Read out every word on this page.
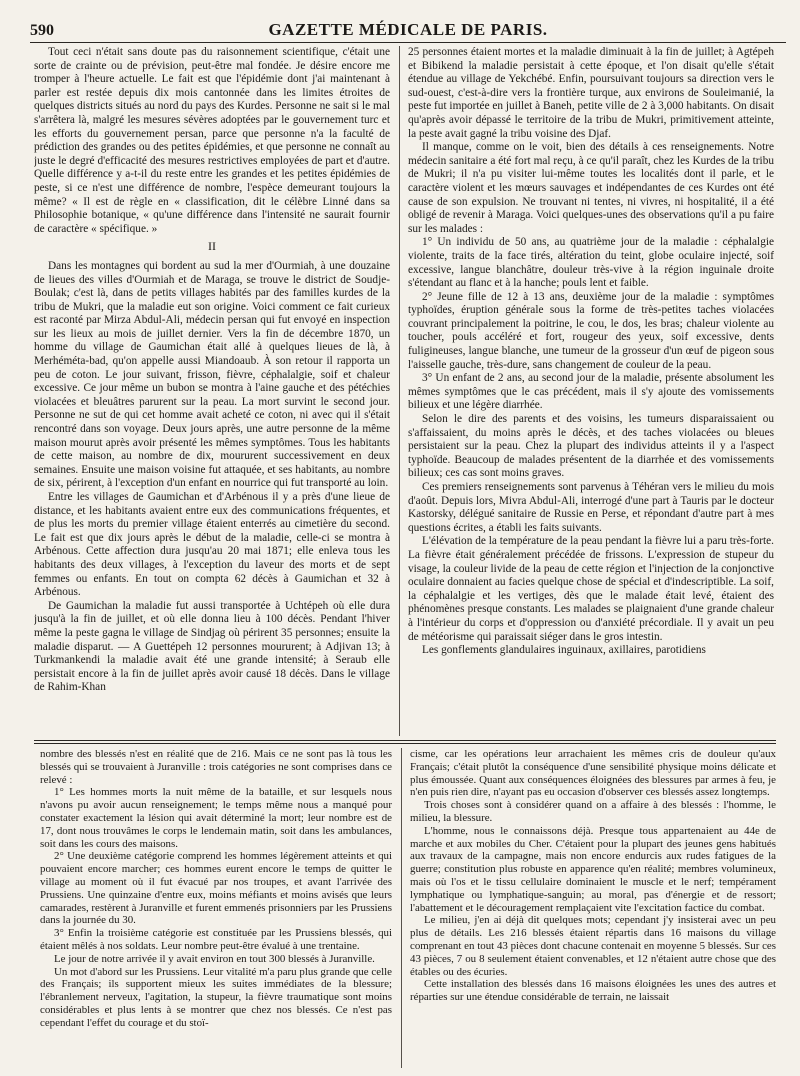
590	GAZETTE MÉDICALE DE PARIS.

Tout ceci n'était sans doute pas du raisonnement scientifique, c'était une sorte de crainte ou de prévision, peut-être mal fondée. Je désire encore me tromper à l'heure actuelle. Le fait est que l'épidémie dont j'ai maintenant à parler est restée depuis dix mois cantonnée dans les limites étroites de quelques districts situés au nord du pays des Kurdes. Personne ne sait si le mal s'arrêtera là, malgré les mesures sévères adoptées par le gouvernement turc et les efforts du gouvernement persan, parce que personne n'a la faculté de prédiction des grandes ou des petites épidémies, et que personne ne connaît au juste le degré d'efficacité des mesures restrictives employées de part et d'autre. Quelle différence y a-t-il du reste entre les grandes et les petites épidémies de peste, si ce n'est une différence de nombre, l'espèce demeurant toujours la même? « Il est de règle en « classification, dit le célèbre Linné dans sa Philosophie botanique, « qu'une différence dans l'intensité ne saurait fournir de caractère « spécifique. »

II

Dans les montagnes qui bordent au sud la mer d'Ourmiah, à une douzaine de lieues des villes d'Ourmiah et de Maraga, se trouve le district de Soudje-Boulak; c'est là, dans de petits villages habités par des familles kurdes de la tribu de Mukri, que la maladie eut son origine. Voici comment ce fait curieux est raconté par Mirza Abdul-Ali, médecin persan qui fut envoyé en inspection sur les lieux au mois de juillet dernier. Vers la fin de décembre 1870, un homme du village de Gaumichan était allé à quelques lieues de là, à Merhéméta-bad, qu'on appelle aussi Miandoaub. À son retour il rapporta un peu de coton. Le jour suivant, frisson, fièvre, céphalalgie, soif et chaleur excessive. Ce jour même un bubon se montra à l'aine gauche et des pétéchies violacées et bleuâtres parurent sur la peau. La mort survint le second jour. Personne ne sut de qui cet homme avait acheté ce coton, ni avec qui il s'était rencontré dans son voyage. Deux jours après, une autre personne de la même maison mourut après avoir présenté les mêmes symptômes. Tous les habitants de cette maison, au nombre de dix, moururent successivement en deux semaines. Ensuite une maison voisine fut attaquée, et ses habitants, au nombre de six, périrent, à l'exception d'un enfant en nourrice qui fut transporté au loin.

Entre les villages de Gaumichan et d'Arbénous il y a près d'une lieue de distance, et les habitants avaient entre eux des communications fréquentes, et de plus les morts du premier village étaient enterrés au cimetière du second. Le fait est que dix jours après le début de la maladie, celle-ci se montra à Arbénous. Cette affection dura jusqu'au 20 mai 1871; elle enleva tous les habitants des deux villages, à l'exception du laveur des morts et de sept femmes ou enfants. En tout on compta 62 décès à Gaumichan et 32 à Arbénous.

De Gaumichan la maladie fut aussi transportée à Uchtépeh où elle dura jusqu'à la fin de juillet, et où elle donna lieu à 100 décès. Pendant l'hiver même la peste gagna le village de Sindjag où périrent 35 personnes; ensuite la maladie disparut. — A Guettépeh 12 personnes moururent; à Adjivan 13; à Turkmankendi la maladie avait été une grande intensité; à Seraub elle persistait encore à la fin de juillet après avoir causé 18 décès. Dans le village de Rahim-Khan

25 personnes étaient mortes et la maladie diminuait à la fin de juillet; à Agtépeh et Bibikend la maladie persistait à cette époque, et l'on disait qu'elle s'était étendue au village de Yekchébé. Enfin, poursuivant toujours sa direction vers le sud-ouest, c'est-à-dire vers la frontière turque, aux environs de Souleimanié, la peste fut importée en juillet à Baneh, petite ville de 2 à 3,000 habitants. On disait qu'après avoir dépassé le territoire de la tribu de Mukri, primitivement atteinte, la peste avait gagné la tribu voisine des Djaf.

Il manque, comme on le voit, bien des détails à ces renseignements. Notre médecin sanitaire a été fort mal reçu, à ce qu'il paraît, chez les Kurdes de la tribu de Mukri; il n'a pu visiter lui-même toutes les localités dont il parle, et le caractère violent et les mœurs sauvages et indépendantes de ces Kurdes ont été cause de son expulsion. Ne trouvant ni tentes, ni vivres, ni hospitalité, il a été obligé de revenir à Maraga. Voici quelques-unes des observations qu'il a pu faire sur les malades :

1° Un individu de 50 ans, au quatrième jour de la maladie : céphalalgie violente, traits de la face tirés, altération du teint, globe oculaire injecté, soif excessive, langue blanchâtre, douleur très-vive à la région inguinale droite s'étendant au flanc et à la hanche; pouls lent et faible.

2° Jeune fille de 12 à 13 ans, deuxième jour de la maladie : symptômes typhoïdes, éruption générale sous la forme de très-petites taches violacées couvrant principalement la poitrine, le cou, le dos, les bras; chaleur violente au toucher, pouls accéléré et fort, rougeur des yeux, soif excessive, dents fuligineuses, langue blanche, une tumeur de la grosseur d'un œuf de pigeon sous l'aisselle gauche, très-dure, sans changement de couleur de la peau.

3° Un enfant de 2 ans, au second jour de la maladie, présente absolument les mêmes symptômes que le cas précédent, mais il s'y ajoute des vomissements bilieux et une légère diarrhée.

Selon le dire des parents et des voisins, les tumeurs disparaissaient ou s'affaissaient, du moins après le décès, et des taches violacées ou bleues persistaient sur la peau. Chez la plupart des individus atteints il y a l'aspect typhoïde. Beaucoup de malades présentent de la diarrhée et des vomissements bilieux; ces cas sont moins graves.

Ces premiers renseignements sont parvenus à Téhéran vers le milieu du mois d'août. Depuis lors, Mivra Abdul-Ali, interrogé d'une part à Tauris par le docteur Kastorsky, délégué sanitaire de Russie en Perse, et répondant d'autre part à mes questions écrites, a établi les faits suivants.

L'élévation de la température de la peau pendant la fièvre lui a paru très-forte. La fièvre était généralement précédée de frissons. L'expression de stupeur du visage, la couleur livide de la peau de cette région et l'injection de la conjonctive oculaire donnaient au facies quelque chose de spécial et d'indescriptible. La soif, la céphalalgie et les vertiges, dès que le malade était levé, étaient des phénomènes presque constants. Les malades se plaignaient d'une grande chaleur à l'intérieur du corps et d'oppression ou d'anxiété précordiale. Il y avait un peu de météorisme qui paraissait siéger dans le gros intestin.

Les gonflements glandulaires inguinaux, axillaires, parotidiens

nombre des blessés n'est en réalité que de 216. Mais ce ne sont pas là tous les blessés qui se trouvaient à Juranville : trois catégories ne sont comprises dans ce relevé :

1° Les hommes morts la nuit même de la bataille, et sur lesquels nous n'avons pu avoir aucun renseignement; le temps même nous a manqué pour constater exactement la lésion qui avait déterminé la mort; leur nombre est de 17, dont nous trouvâmes le corps le lendemain matin, soit dans les ambulances, soit dans les cours des maisons.

2° Une deuxième catégorie comprend les hommes légèrement atteints et qui pouvaient encore marcher; ces hommes eurent encore le temps de quitter le village au moment où il fut évacué par nos troupes, et avant l'arrivée des Prussiens. Une quinzaine d'entre eux, moins méfiants et moins avisés que leurs camarades, restèrent à Juranville et furent emmenés prisonniers par les Prussiens dans la journée du 30.

3° Enfin la troisième catégorie est constituée par les Prussiens blessés, qui étaient mêlés à nos soldats. Leur nombre peut-être évalué à une trentaine.

Le jour de notre arrivée il y avait environ en tout 300 blessés à Juranville.

Un mot d'abord sur les Prussiens. Leur vitalité m'a paru plus grande que celle des Français; ils supportent mieux les suites immédiates de la blessure; l'ébranlement nerveux, l'agitation, la stupeur, la fièvre traumatique sont moins considérables et plus lents à se montrer que chez nos blessés. Ce n'est pas cependant l'effet du courage et du stoï-

cisme, car les opérations leur arrachaient les mêmes cris de douleur qu'aux Français; c'était plutôt la conséquence d'une sensibilité physique moins délicate et plus émoussée. Quant aux conséquences éloignées des blessures par armes à feu, je n'en puis rien dire, n'ayant pas eu occasion d'observer ces blessés assez longtemps.

Trois choses sont à considérer quand on a affaire à des blessés : l'homme, le milieu, la blessure.

L'homme, nous le connaissons déjà. Presque tous appartenaient au 44e de marche et aux mobiles du Cher. C'étaient pour la plupart des jeunes gens habitués aux travaux de la campagne, mais non encore endurcis aux rudes fatigues de la guerre; constitution plus robuste en apparence qu'en réalité; membres volumineux, mais où l'os et le tissu cellulaire dominaient le muscle et le nerf; tempérament lymphatique ou lymphatique-sanguin; au moral, pas d'énergie et de ressort; l'abattement et le découragement remplaçaient vite l'excitation factice du combat.

Le milieu, j'en ai déjà dit quelques mots; cependant j'y insisterai avec un peu plus de détails. Les 216 blessés étaient répartis dans 16 maisons du village comprenant en tout 43 pièces dont chacune contenait en moyenne 5 blessés. Sur ces 43 pièces, 7 ou 8 seulement étaient convenables, et 12 n'étaient autre chose que des étables ou des écuries.

Cette installation des blessés dans 16 maisons éloignées les unes des autres et réparties sur une étendue considérable de terrain, ne laissait
